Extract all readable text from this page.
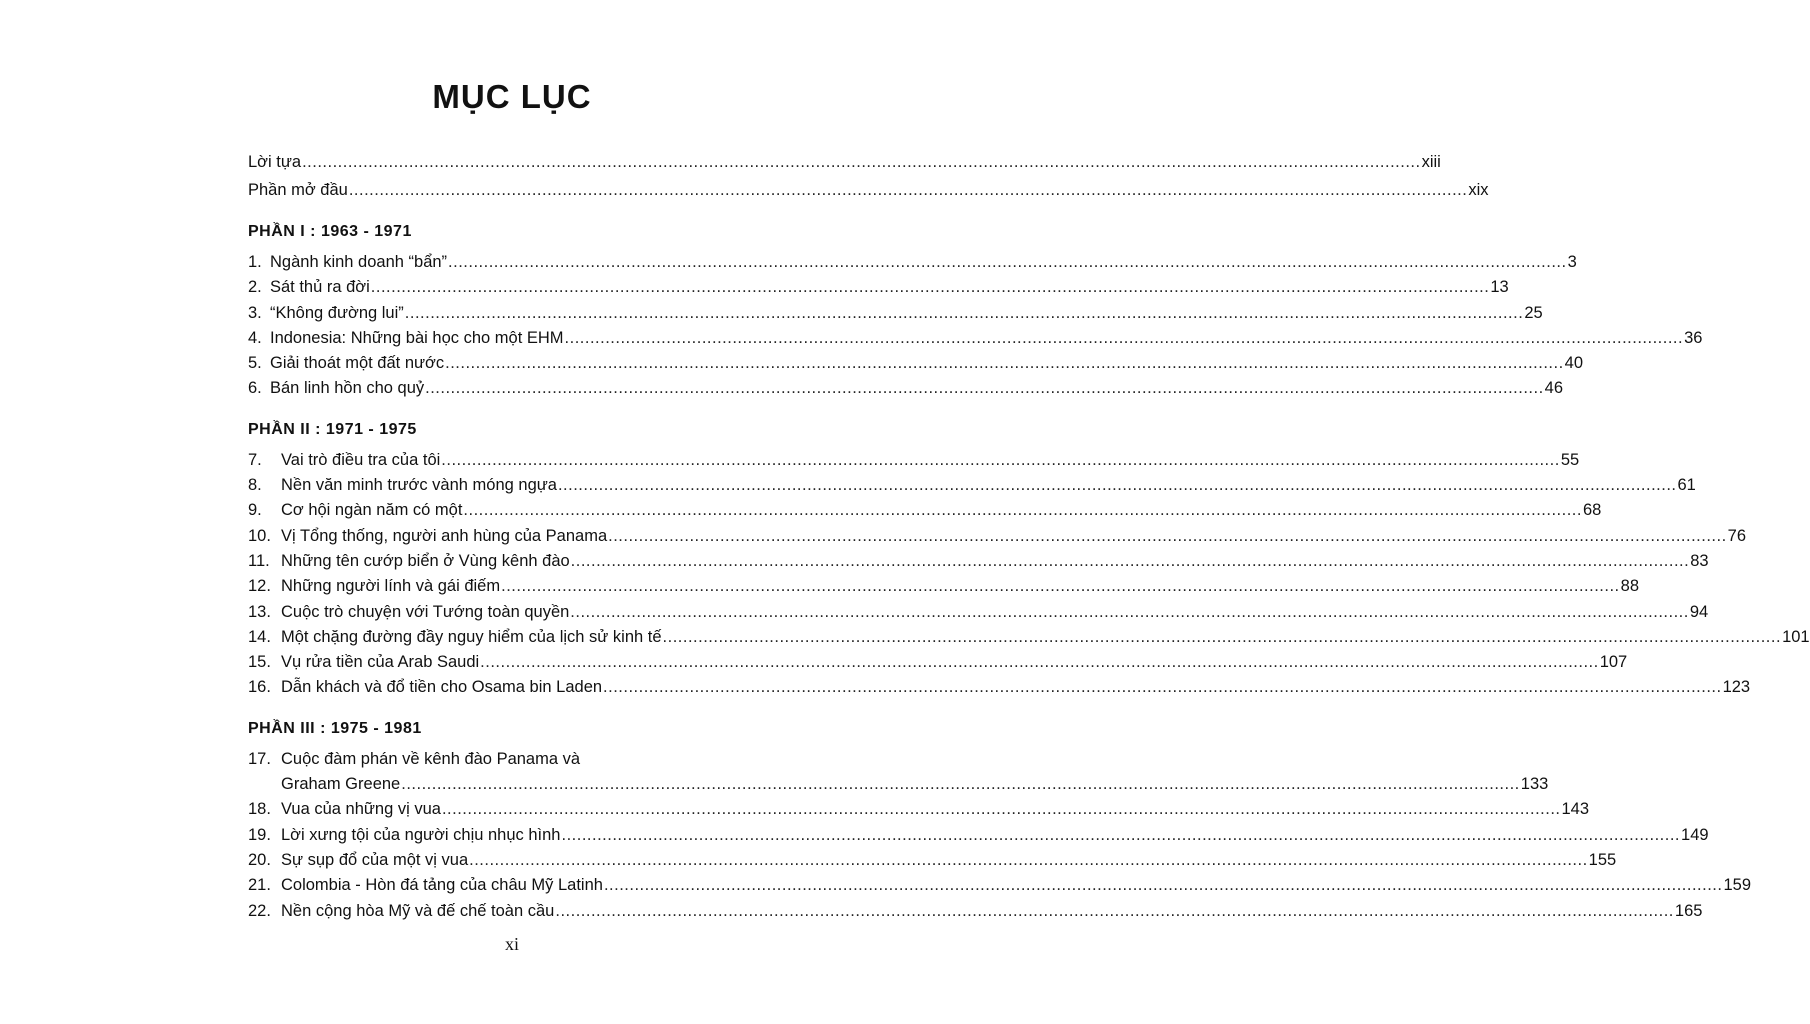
MỤC LỤC
Lời tựa ............................................................................................................................................................................................................................ xiii
Phần mở đầu ............................................................................................................................................................................................................................ xix
PHẦN I : 1963 - 1971
1. Ngành kinh doanh “bẩn” ............................................................................................................................................................................................................................ 3
2. Sát thủ ra đời ............................................................................................................................................................................................................................ 13
3. “Không đường lui” ............................................................................................................................................................................................................................ 25
4. Indonesia: Những bài học cho một EHM ............................................................................................................................................................................................................................ 36
5. Giải thoát một đất nước ............................................................................................................................................................................................................................ 40
6. Bán linh hồn cho quỷ ............................................................................................................................................................................................................................ 46
PHẦN II : 1971 - 1975
7.	Vai trò điều tra của tôi ............................................................................................................................................................................................................................ 55
8.	Nền văn minh trước vành móng ngựa ............................................................................................................................................................................................................................ 61
9.	Cơ hội ngàn năm có một ............................................................................................................................................................................................................................ 68
10. Vị Tổng thống, người anh hùng của Panama ............................................................................................................................................................................................................................ 76
11. Những tên cướp biển ở Vùng kênh đào ............................................................................................................................................................................................................................ 83
12. Những người lính và gái điếm ............................................................................................................................................................................................................................ 88
13. Cuộc trò chuyện với Tướng toàn quyền ............................................................................................................................................................................................................................ 94
14. Một chặng đường đầy nguy hiểm của lịch sử kinh tế ............................................................................................................................................................................................................................ 101
15. Vụ rửa tiền của Arab Saudi ............................................................................................................................................................................................................................ 107
16. Dẫn khách và đổ tiền cho Osama bin Laden ............................................................................................................................................................................................................................ 123
PHẦN III : 1975 - 1981
17. Cuộc đàm phán về kênh đào Panama và
Graham Greene ............................................................................................................................................................................................................................ 133
18. Vua của những vị vua ............................................................................................................................................................................................................................ 143
19. Lời xưng tội của người chịu nhục hình ............................................................................................................................................................................................................................ 149
20. Sự sụp đổ của một vị vua ............................................................................................................................................................................................................................ 155
21. Colombia - Hòn đá tảng của châu Mỹ Latinh ............................................................................................................................................................................................................................ 159
22. Nền cộng hòa Mỹ và đế chế toàn cầu ............................................................................................................................................................................................................................ 165
xi
